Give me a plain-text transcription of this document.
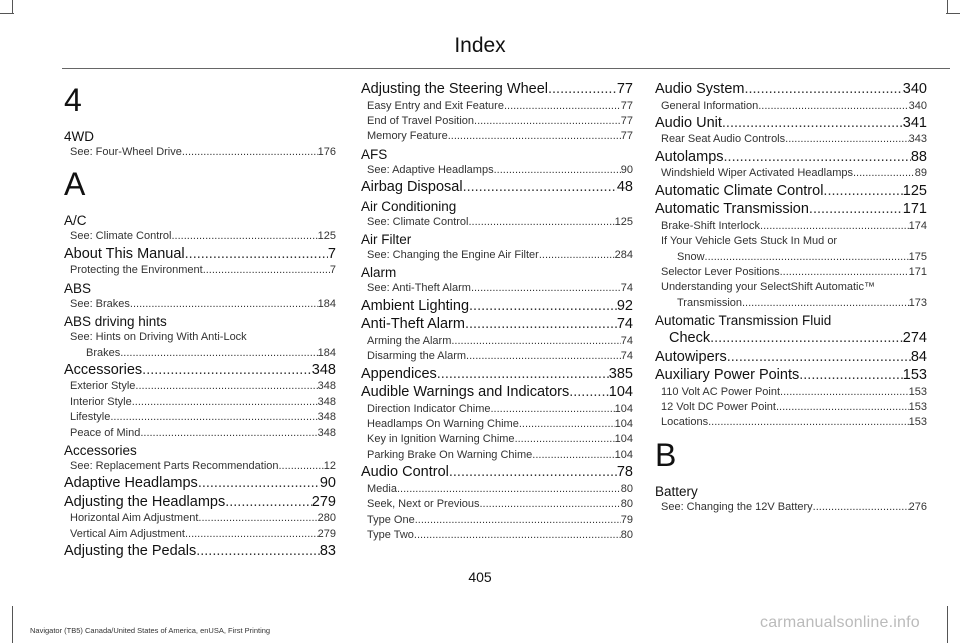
Index
4
4WD
See: Four-Wheel Drive .....	176
A
A/C
See: Climate Control .....	125
About This Manual .....	7
Protecting the Environment .....	7
ABS
See: Brakes .....	184
ABS driving hints
See: Hints on Driving With Anti-Lock
Brakes .....	184
Accessories .....	348
Exterior Style .....	348
Interior Style .....	348
Lifestyle .....	348
Peace of Mind .....	348
Accessories
See: Replacement Parts Recommendation .....	12
Adaptive Headlamps .....	90
Adjusting the Headlamps .....	279
Horizontal Aim Adjustment .....	280
Vertical Aim Adjustment .....	279
Adjusting the Pedals .....	83
Adjusting the Steering Wheel .....	77
Easy Entry and Exit Feature .....	77
End of Travel Position .....	77
Memory Feature .....	77
AFS
See: Adaptive Headlamps .....	90
Airbag Disposal .....	48
Air Conditioning
See: Climate Control .....	125
Air Filter
See: Changing the Engine Air Filter .....	284
Alarm
See: Anti-Theft Alarm .....	74
Ambient Lighting .....	92
Anti-Theft Alarm .....	74
Arming the Alarm .....	74
Disarming the Alarm .....	74
Appendices .....	385
Audible Warnings and Indicators .....	104
Direction Indicator Chime .....	104
Headlamps On Warning Chime .....	104
Key in Ignition Warning Chime .....	104
Parking Brake On Warning Chime .....	104
Audio Control .....	78
Media .....	80
Seek, Next or Previous .....	80
Type One .....	79
Type Two .....	80
Audio System .....	340
General Information .....	340
Audio Unit .....	341
Rear Seat Audio Controls .....	343
Autolamps .....	88
Windshield Wiper Activated Headlamps .....	89
Automatic Climate Control .....	125
Automatic Transmission .....	171
Brake-Shift Interlock .....	174
If Your Vehicle Gets Stuck In Mud or
Snow .....	175
Selector Lever Positions .....	171
Understanding your SelectShift Automatic™
Transmission .....	173
Automatic Transmission Fluid
Check .....	274
Autowipers .....	84
Auxiliary Power Points .....	153
110 Volt AC Power Point .....	153
12 Volt DC Power Point .....	153
Locations .....	153
B
Battery
See: Changing the 12V Battery .....	276
405
Navigator (TB5) Canada/United States of America, enUSA, First Printing	carmanualsonline.info
